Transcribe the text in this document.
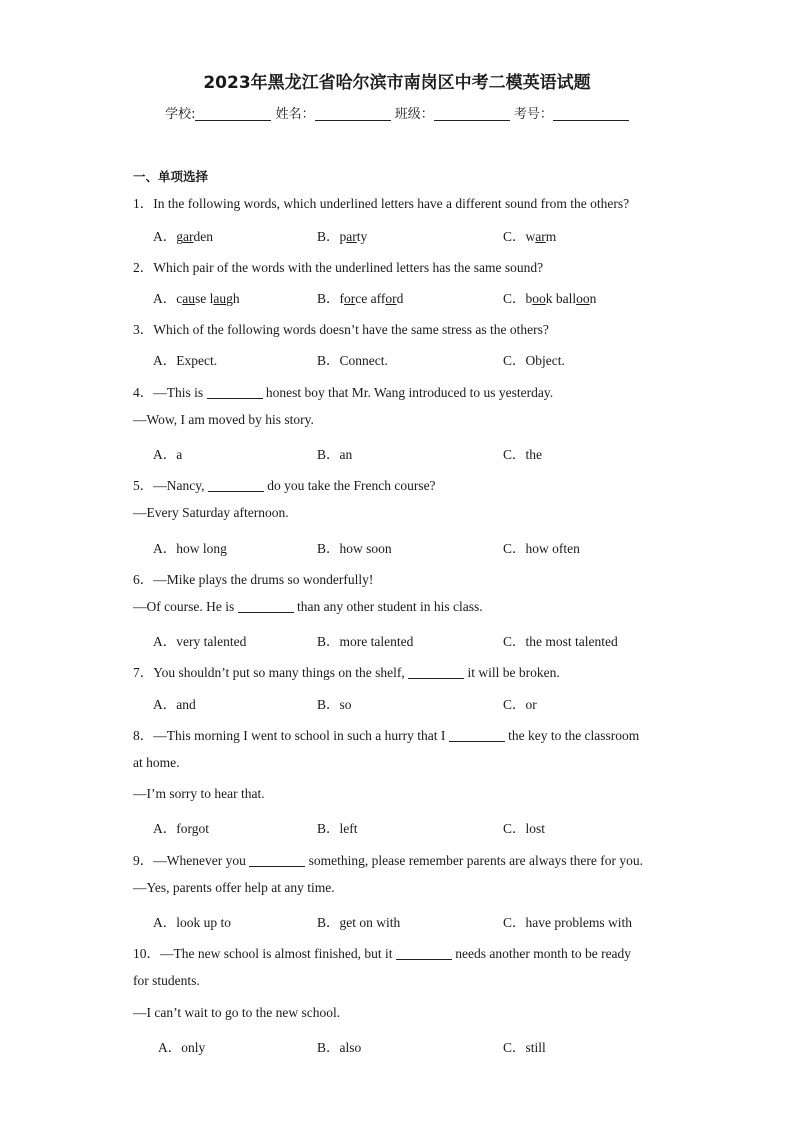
2023年黑龙江省哈尔滨市南岗区中考二模英语试题
学校:	姓名：	班级：	考号：
一、单项选择
1．In the following words, which underlined letters have a different sound from the others?
A．garden	B．party	C．warm
2．Which pair of the words with the underlined letters has the same sound?
A．cause laugh	B．force afford	C．book balloon
3．Which of the following words doesn’t have the same stress as the others?
A．Expect.	B．Connect.	C．Object.
4．—This is	honest boy that Mr. Wang introduced to us yesterday.
—Wow, I am moved by his story.
A．a	B．an	C．the
5．—Nancy,	do you take the French course?
—Every Saturday afternoon.
A．how long	B．how soon	C．how often
6．—Mike plays the drums so wonderfully!
—Of course. He is	than any other student in his class.
A．very talented	B．more talented	C．the most talented
7．You shouldn’t put so many things on the shelf,	it will be broken.
A．and	B．so	C．or
8．—This morning I went to school in such a hurry that I	the key to the classroom
at home.
—I’m sorry to hear that.
A．forgot	B．left	C．lost
9．—Whenever you	something, please remember parents are always there for you.
—Yes, parents offer help at any time.
A．look up to	B．get on with	C．have problems with
10．—The new school is almost finished, but it	needs another month to be ready
for students.
—I can’t wait to go to the new school.
A．only	B．also	C．still
